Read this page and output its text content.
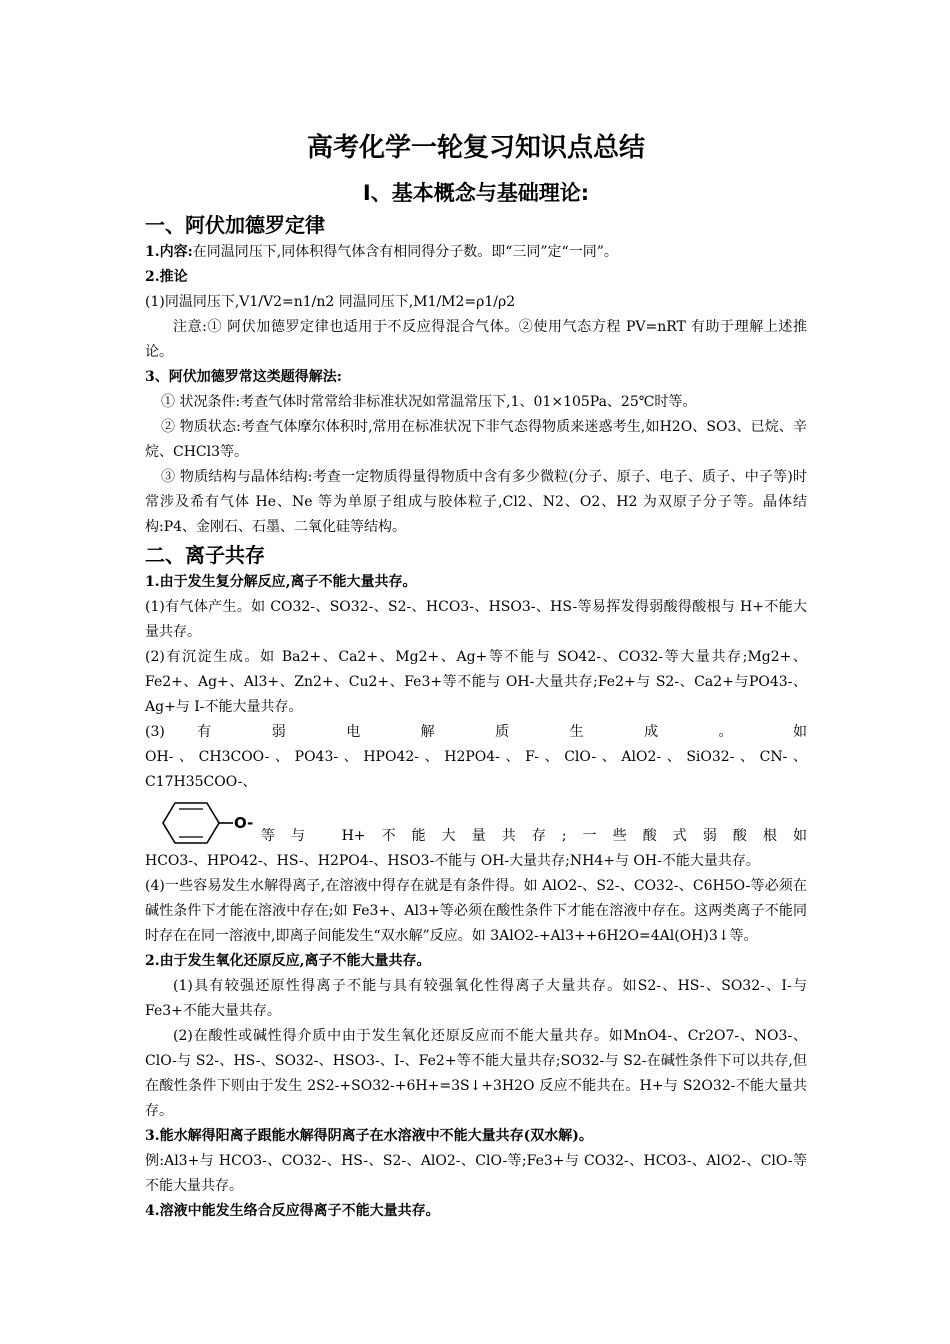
高考化学一轮复习知识点总结
Ⅰ、基本概念与基础理论:
一、阿伏加德罗定律

1.内容:在同温同压下,同体积得气体含有相同得分子数。即“三同”定“一同”。

2.推论

(1)同温同压下,V1/V2=n1/n2 同温同压下,M1/M2=ρ1/ρ2

注意:① 阿伏加德罗定律也适用于不反应得混合气体。②使用气态方程 PV=nRT 有助于理解上述推论。

3、阿伏加德罗常这类题得解法:

① 状况条件:考查气体时常常给非标准状况如常温常压下,1、01×105Pa、25℃时等。

② 物质状态:考查气体摩尔体积时,常用在标准状况下非气态得物质来迷惑考生,如H2O、SO3、已烷、辛烷、CHCl3等。

③ 物质结构与晶体结构:考查一定物质得量得物质中含有多少微粒(分子、原子、电子、质子、中子等)时常涉及希有气体 He、Ne 等为单原子组成与胶体粒子,Cl2、N2、O2、H2 为双原子分子等。晶体结构:P4、金刚石、石墨、二氧化硅等结构。

二、离子共存

1.由于发生复分解反应,离子不能大量共存。

(1)有气体产生。如 CO32-、SO32-、S2-、HCO3-、HSO3-、HS-等易挥发得弱酸得酸根与 H+不能大量共存。

(2)有沉淀生成。如 Ba2+、Ca2+、Mg2+、Ag+等不能与 SO42-、CO32-等大量共存;Mg2+、Fe2+、Ag+、Al3+、Zn2+、Cu2+、Fe3+等不能与 OH-大量共存;Fe2+与 S2-、Ca2+与PO43-、Ag+与 I-不能大量共存。

(3) 有 弱 电 解 质 生 成 。 如

OH-、CH3COO-、PO43-、HPO42-、H2PO4-、F-、ClO-、AlO2-、SiO32-、CN-、C17H35COO-、

O-

等与 H+不能大量共存;一些酸式弱酸根如

HCO3-、HPO42-、HS-、H2PO4-、HSO3-不能与 OH-大量共存;NH4+与 OH-不能大量共存。

(4)一些容易发生水解得离子,在溶液中得存在就是有条件得。如 AlO2-、S2-、CO32-、C6H5O-等必须在碱性条件下才能在溶液中存在;如 Fe3+、Al3+等必须在酸性条件下才能在溶液中存在。这两类离子不能同时存在在同一溶液中,即离子间能发生“双水解”反应。如 3AlO2-+Al3++6H2O=4Al(OH)3↓等。

2.由于发生氧化还原反应,离子不能大量共存。

(1)具有较强还原性得离子不能与具有较强氧化性得离子大量共存。如S2-、HS-、SO32-、I-与 Fe3+不能大量共存。

(2)在酸性或碱性得介质中由于发生氧化还原反应而不能大量共存。如MnO4-、Cr2O7-、NO3-、ClO-与 S2-、HS-、SO32-、HSO3-、I-、Fe2+等不能大量共存;SO32-与 S2-在碱性条件下可以共存,但在酸性条件下则由于发生 2S2-+SO32-+6H+=3S↓+3H2O 反应不能共在。H+与 S2O32-不能大量共存。

3.能水解得阳离子跟能水解得阴离子在水溶液中不能大量共存(双水解)。

例:Al3+与 HCO3-、CO32-、HS-、S2-、AlO2-、ClO-等;Fe3+与 CO32-、HCO3-、AlO2-、ClO-等不能大量共存。

4.溶液中能发生络合反应得离子不能大量共存。
